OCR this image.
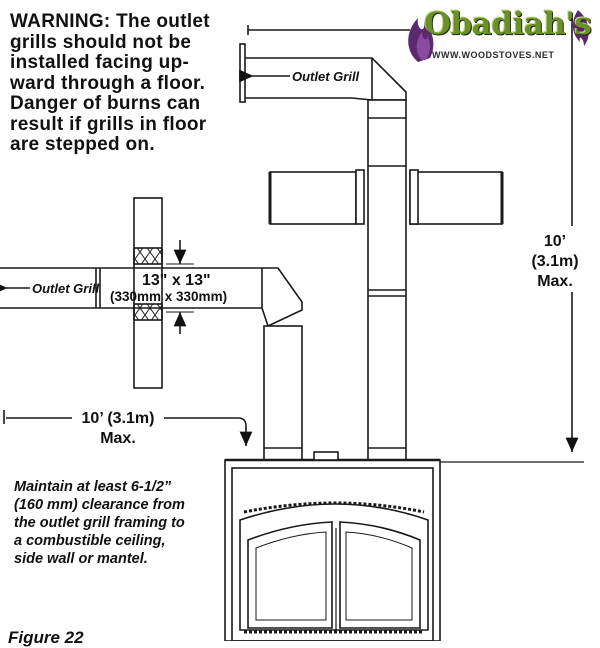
WARNING: The outlet

grills should not be

installed facing up-

ward through a floor.

Danger of burns can

result if grills in floor

are stepped on.

Obadiah's
WWW.WOODSTOVES.NET
Outlet Grill
Outlet Grill	13" x 13"
(330mm x 330mm)
10’
(3.1m)
Max.
10’ (3.1m)
Max.

Maintain at least 6-1/2”

(160 mm) clearance from

the outlet grill framing to

a combustible ceiling,

side wall or mantel.

Figure 22
